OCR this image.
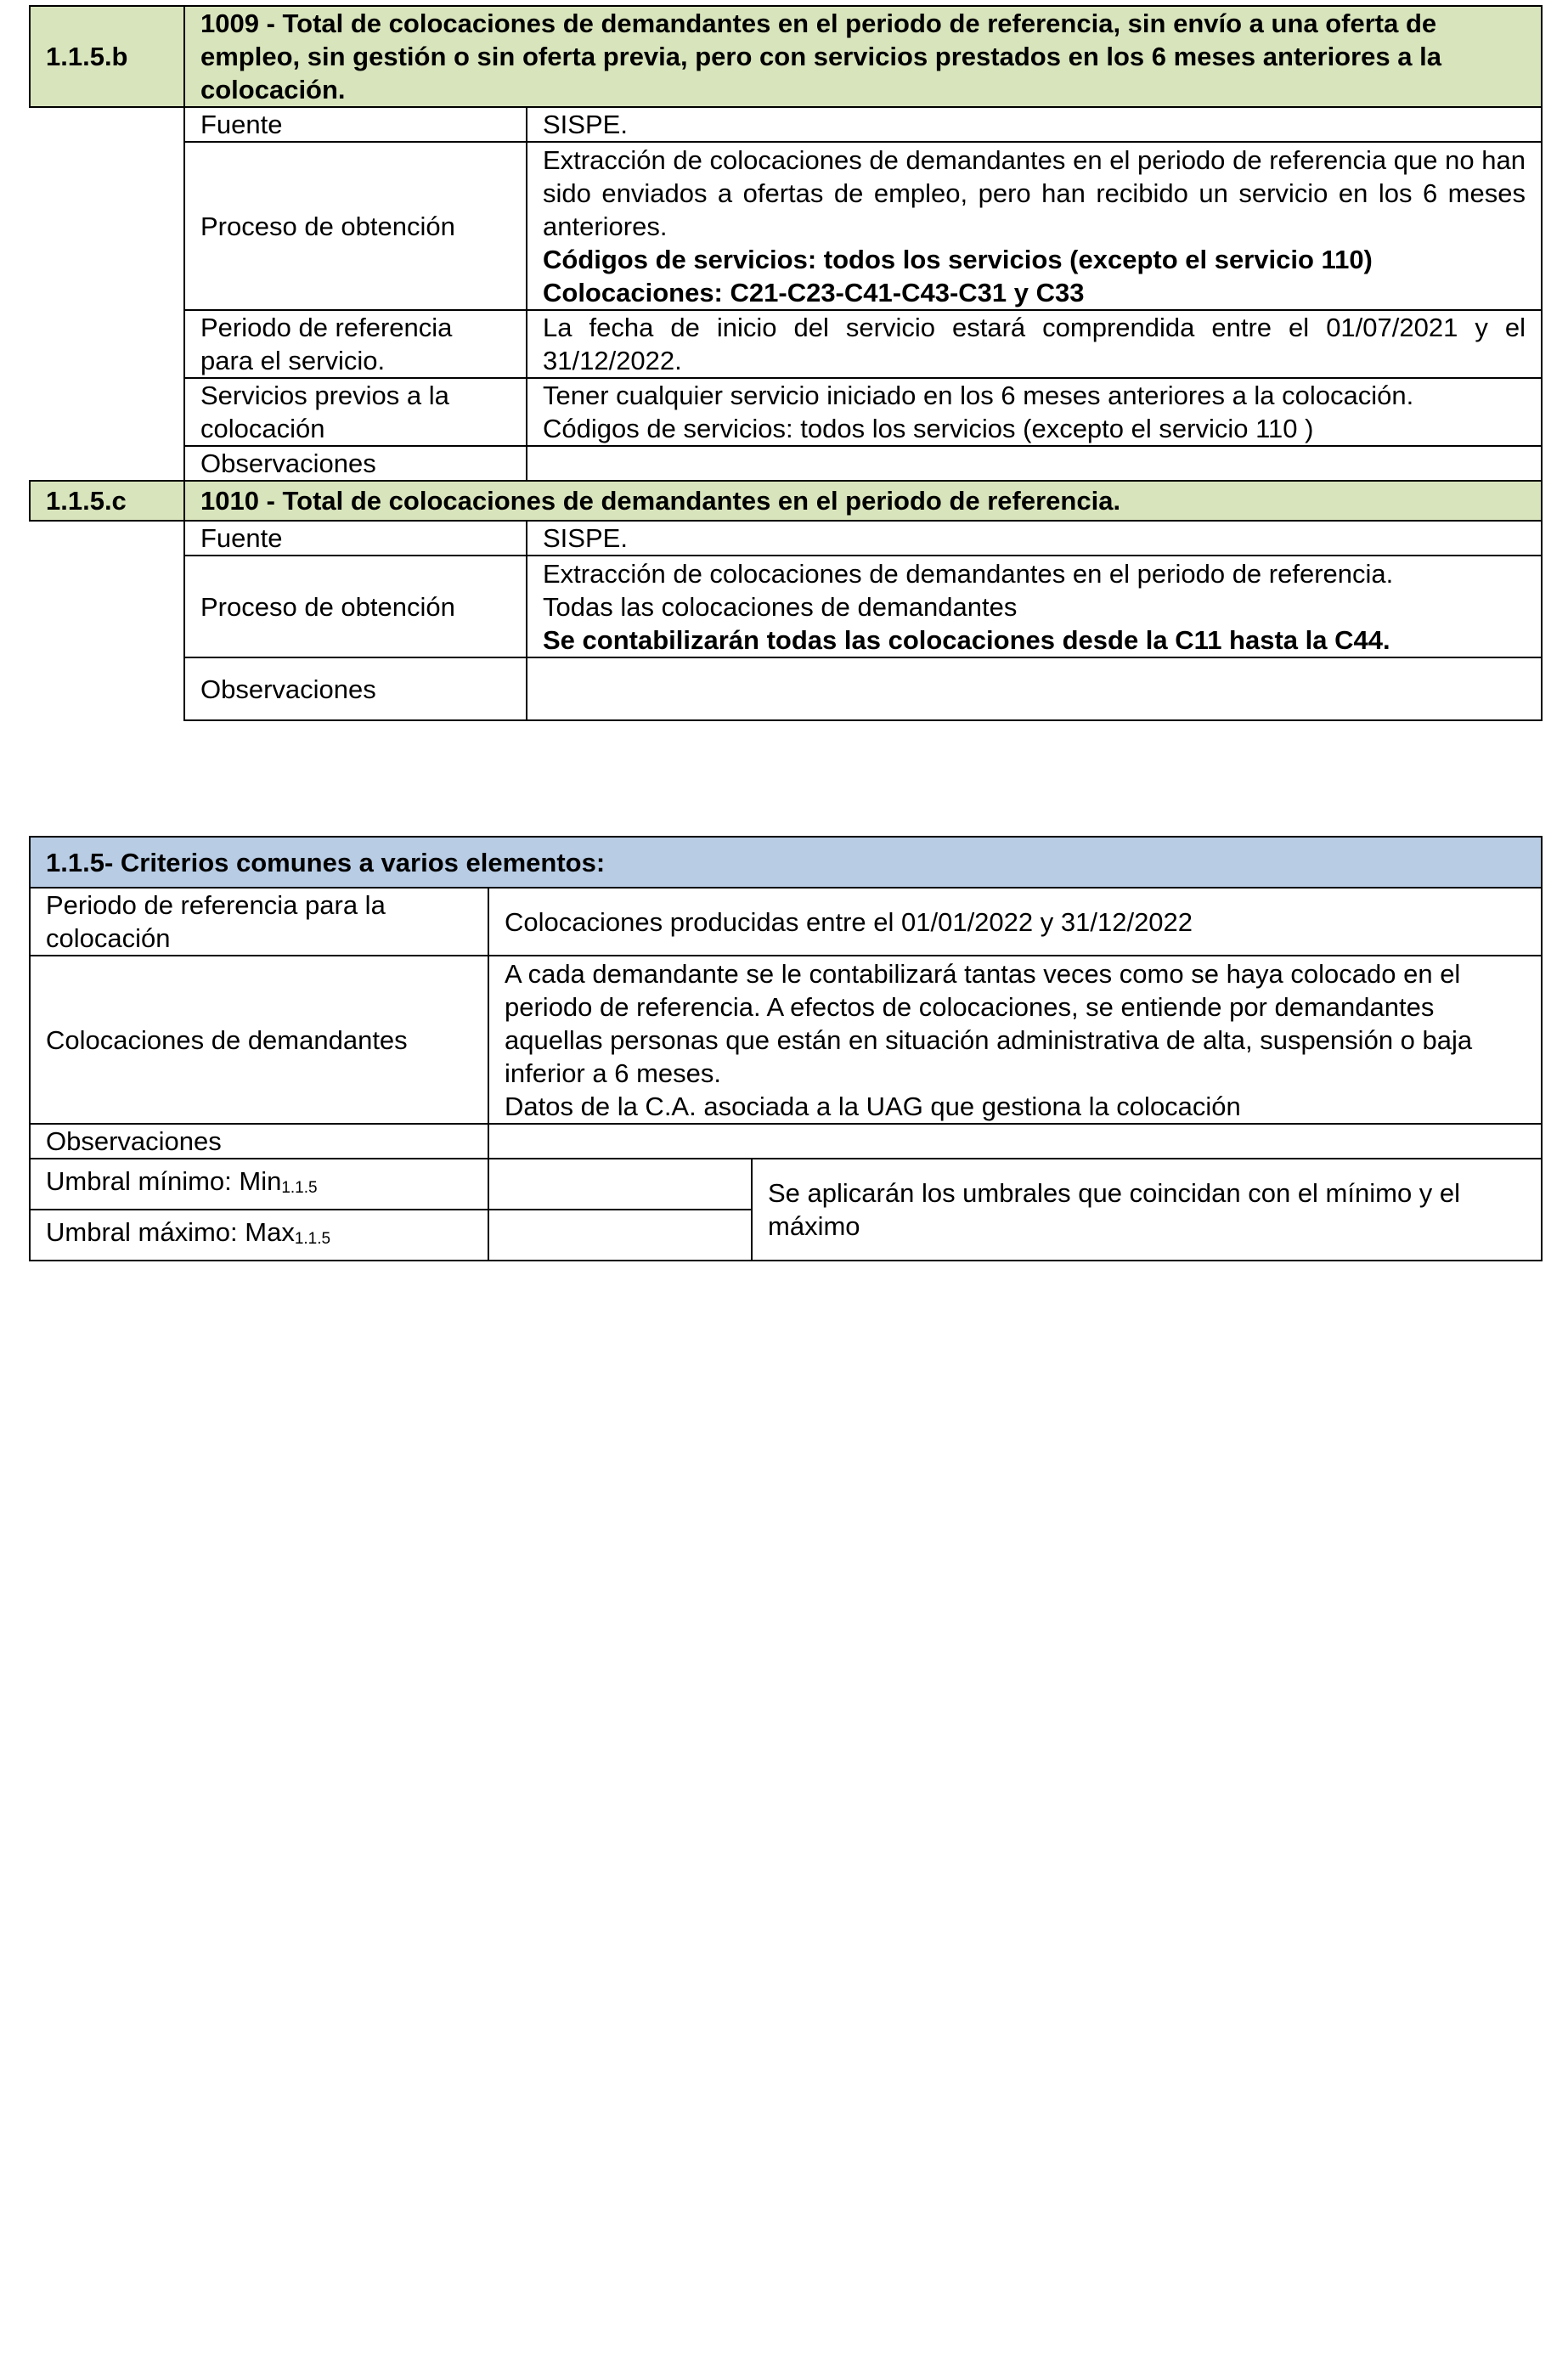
1.1.5.b	1009 - Total de colocaciones de demandantes en el periodo de referencia, sin envío a una oferta de empleo, sin gestión o sin oferta previa, pero con servicios prestados en los 6 meses anteriores a la colocación.	
	Fuente	SISPE.
	Proceso de obtención	Extracción de colocaciones de demandantes en el periodo de referencia que no han sido enviados a ofertas de empleo, pero han recibido un servicio en los 6 meses anteriores.
Códigos de servicios: todos los servicios (excepto el servicio 110)
Colocaciones: C21-C23-C41-C43-C31 y C33

	Periodo de referencia para el servicio.	La fecha de inicio del servicio estará comprendida entre el 01/07/2021 y el 31/12/2022.
	Servicios previos a la colocación	Tener cualquier servicio iniciado en los 6 meses anteriores a la colocación.
Códigos de servicios: todos los servicios (excepto el servicio 110 )

	Observaciones	
1.1.5.c	1010 - Total de colocaciones de demandantes en el periodo de referencia.	
	Fuente	SISPE.
	Proceso de obtención	Extracción de colocaciones de demandantes en el periodo de referencia.
Todas las colocaciones de demandantes
Se contabilizarán todas las colocaciones desde la C11 hasta la C44.

	Observaciones	
1.1.5- Criterios comunes a varios elementos:		
Periodo de referencia para la colocación	Colocaciones producidas entre el 01/01/2022 y 31/12/2022	
Colocaciones de demandantes	A cada demandante se le contabilizará tantas veces como se haya colocado en el periodo de referencia. A efectos de colocaciones, se entiende por demandantes aquellas personas que están en situación administrativa de alta, suspensión o baja inferior a 6 meses.
Datos de la C.A. asociada a la UAG que gestiona la colocación	

Observaciones		
Umbral mínimo: Min1.1.5		Se aplicarán los umbrales que coincidan con el mínimo y el máximo
Umbral máximo: Max1.1.5		
